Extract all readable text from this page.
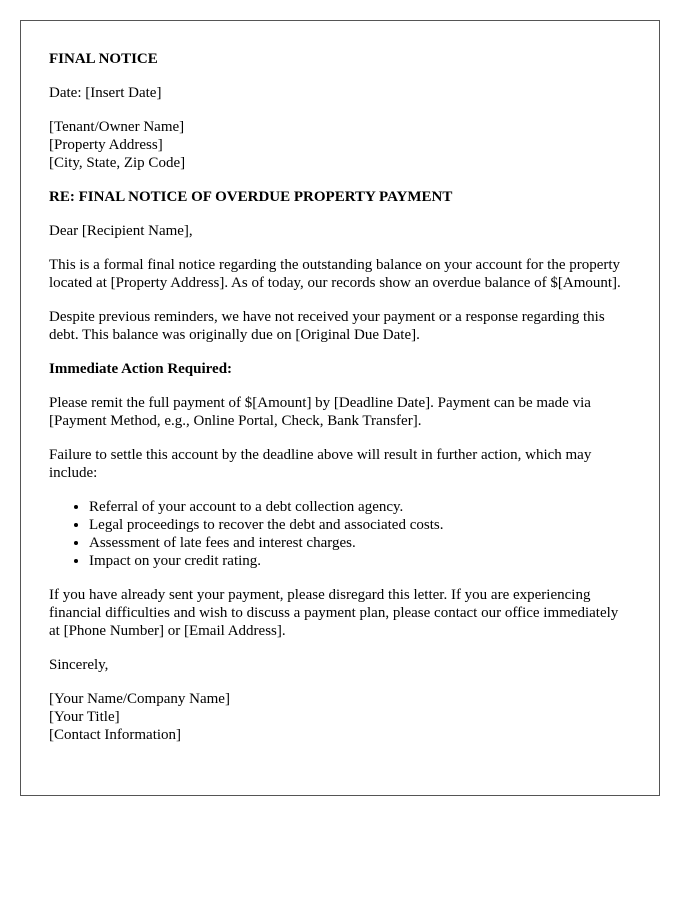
FINAL NOTICE

Date: [Insert Date]

[Tenant/Owner Name]
[Property Address]
[City, State, Zip Code]

RE: FINAL NOTICE OF OVERDUE PROPERTY PAYMENT

Dear [Recipient Name],

This is a formal final notice regarding the outstanding balance on your account for the property located at [Property Address]. As of today, our records show an overdue balance of $[Amount].

Despite previous reminders, we have not received your payment or a response regarding this debt. This balance was originally due on [Original Due Date].

Immediate Action Required:

Please remit the full payment of $[Amount] by [Deadline Date]. Payment can be made via [Payment Method, e.g., Online Portal, Check, Bank Transfer].

Failure to settle this account by the deadline above will result in further action, which may include:

• Referral of your account to a debt collection agency.
• Legal proceedings to recover the debt and associated costs.
• Assessment of late fees and interest charges.
• Impact on your credit rating.

If you have already sent your payment, please disregard this letter. If you are experiencing financial difficulties and wish to discuss a payment plan, please contact our office immediately at [Phone Number] or [Email Address].

Sincerely,

[Your Name/Company Name]
[Your Title]
[Contact Information]
